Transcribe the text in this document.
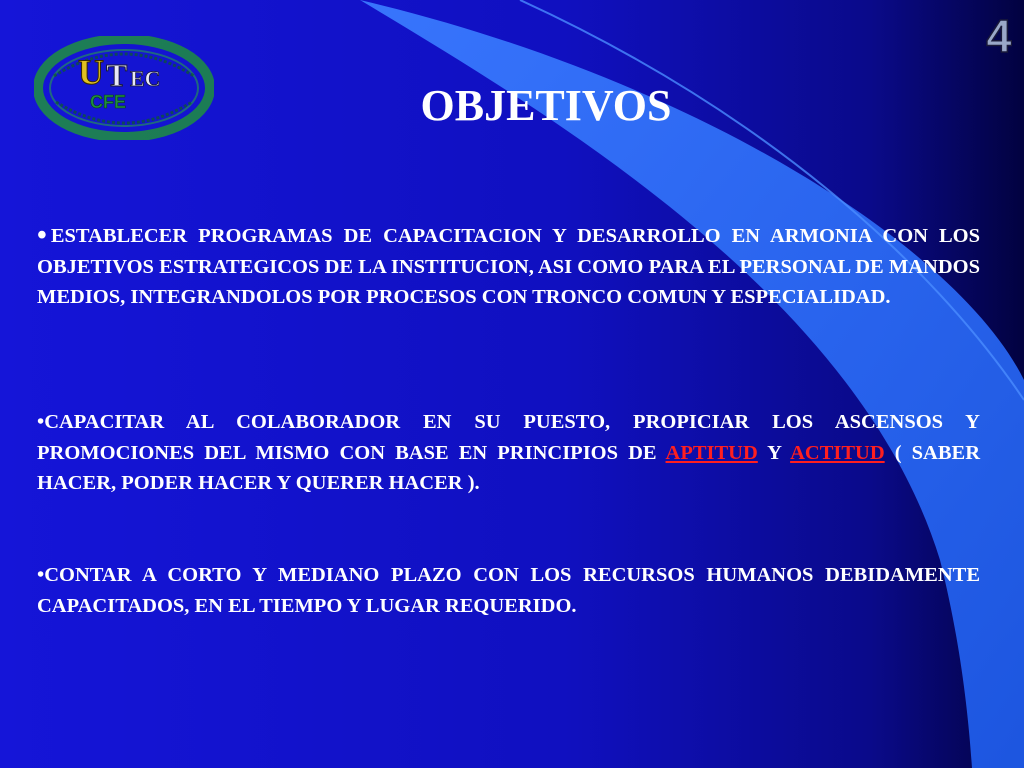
4
U T EC
CFE	OBJETIVOS

• ESTABLECER PROGRAMAS DE CAPACITACION Y DESARROLLO EN ARMONIA CON LOS OBJETIVOS ESTRATEGICOS DE LA INSTITUCION, ASI COMO PARA EL PERSONAL DE MANDOS MEDIOS, INTEGRANDOLOS POR PROCESOS CON TRONCO COMUN Y ESPECIALIDAD.

•CAPACITAR AL COLABORADOR EN SU PUESTO, PROPICIAR LOS ASCENSOS Y PROMOCIONES DEL MISMO CON BASE EN PRINCIPIOS DE APTITUD Y ACTITUD ( SABER HACER, PODER HACER Y QUERER HACER ).

•CONTAR A CORTO Y MEDIANO PLAZO CON LOS RECURSOS HUMANOS DEBIDAMENTE CAPACITADOS, EN EL TIEMPO Y LUGAR REQUERIDO.
